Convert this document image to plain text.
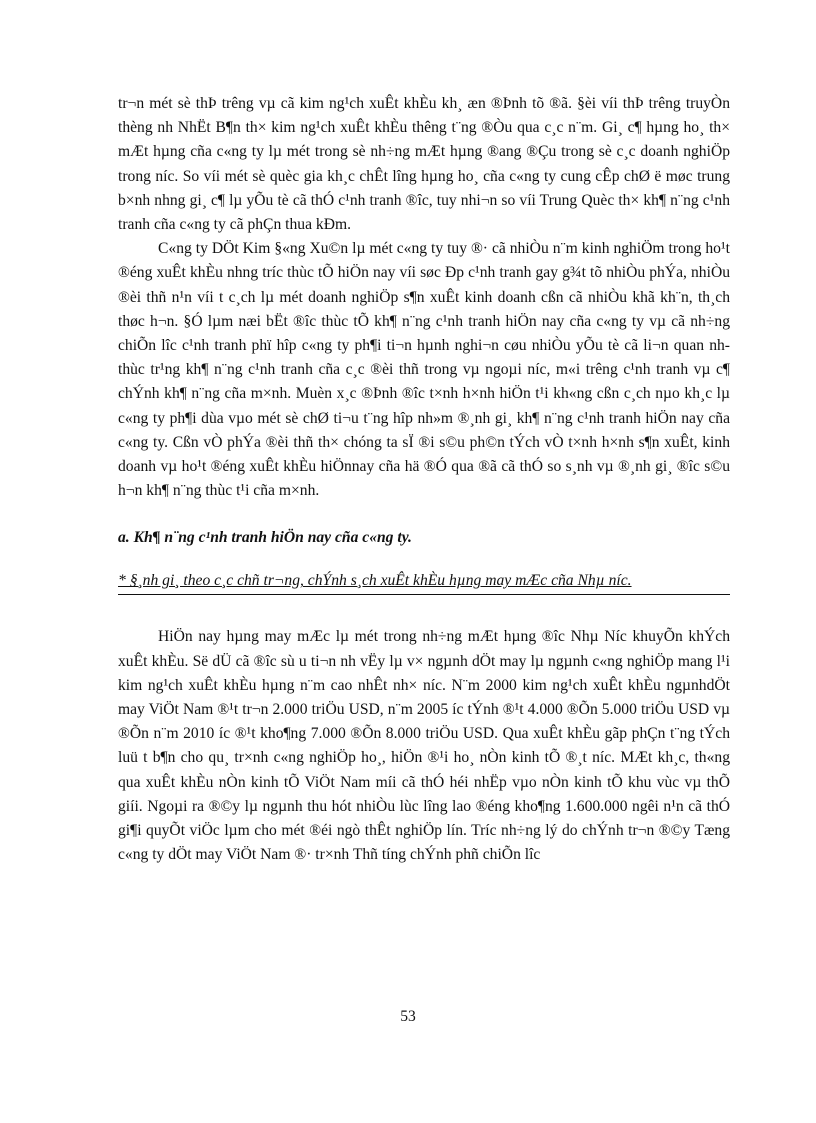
tr¬n mét sè thÞ trêng vµ cã kim ng¹ch xuÊt khÈu kh¸ æn ®Þnh tõ ®ã. §èi víi thÞ trêng truyÒn thèng nh NhËt B¶n th× kim ng¹ch xuÊt khÈu thêng t¨ng ®Òu qua c¸c n¨m. Gi¸ c¶ hµng ho¸ th× mÆt hµng cña c«ng ty lµ mét trong sè nh÷ng mÆt hµng ®ang ®Çu trong sè c¸c doanh nghiÖp trong níc. So víi mét sè quèc gia kh¸c chÊt lîng hµng ho¸ cña c«ng ty cung cÊp chØ ë møc trung b×nh nhng gi¸ c¶ lµ yÕu tè cã thÓ c¹nh tranh ®îc, tuy nhi¬n so víi Trung Quèc th× kh¶ n¨ng c¹nh tranh cña c«ng ty cã phÇn thua kÐm.

C«ng ty DÖt Kim §«ng Xu©n lµ mét c«ng ty tuy ®· cã nhiÒu n¨m kinh nghiÖm trong ho¹t ®éng xuÊt khÈu nhng tríc thùc tÕ hiÖn nay víi søc Ðp c¹nh tranh gay g¾t tõ nhiÒu phÝa, nhiÒu ®èi thñ n¹n víi t c¸ch lµ mét doanh nghiÖp s¶n xuÊt kinh doanh cßn cã nhiÒu khã kh¨n, th¸ch thøc h¬n. §Ó lµm næi bËt ®îc thùc tÕ kh¶ n¨ng c¹nh tranh hiÖn nay cña c«ng ty vµ cã nh÷ng chiÕn lîc c¹nh tranh phï hîp c«ng ty ph¶i ti¬n hµnh nghi¬n cøu nhiÒu yÕu tè cã li¬n quan nh thùc tr¹ng kh¶ n¨ng c¹nh tranh cña c¸c ®èi thñ trong vµ ngoµi níc, m«i trêng c¹nh tranh vµ c¶ chÝnh kh¶ n¨ng cña m×nh. Muèn x¸c ®Þnh ®îc t×nh h×nh hiÖn t¹i kh«ng cßn c¸ch nµo kh¸c lµ c«ng ty ph¶i dùa vµo mét sè chØ ti¬u t¨ng hîp nh»m ®¸nh gi¸ kh¶ n¨ng c¹nh tranh hiÖn nay cña c«ng ty. Cßn vÒ phÝa ®èi thñ th× chóng ta sÏ ®i s©u ph©n tÝch vÒ t×nh h×nh s¶n xuÊt, kinh doanh vµ ho¹t ®éng xuÊt khÈu hiÖnnay cña hä ®Ó qua ®ã cã thÓ so s¸nh vµ ®¸nh gi¸ ®îc s©u h¬n kh¶ n¨ng thùc t¹i cña m×nh.

a. Kh¶ n¨ng c¹nh tranh hiÖn nay cña c«ng ty.

* §¸nh gi¸ theo c¸c chñ tr¬ng, chÝnh s¸ch xuÊt khÈu hµng may mÆc cña Nhµ níc.

HiÖn nay hµng may mÆc lµ mét trong nh÷ng mÆt hµng ®îc Nhµ Níc khuyÕn khÝch xuÊt khÈu. Së dÜ cã ®îc sù u ti¬n nh vËy lµ v× ngµnh dÖt may lµ ngµnh c«ng nghiÖp mang l¹i kim ng¹ch xuÊt khÈu hµng n¨m cao nhÊt nh× níc. N¨m 2000 kim ng¹ch xuÊt khÈu ngµnhdÖt may ViÖt Nam ®¹t tr¬n 2.000 triÖu USD, n¨m 2005 íc tÝnh ®¹t 4.000 ®Õn 5.000 triÖu USD vµ ®Õn n¨m 2010 íc ®¹t kho¶ng 7.000 ®Õn 8.000 triÖu USD. Qua xuÊt khÈu gãp phÇn t¨ng tÝch luü t b¶n cho qu¸ tr×nh c«ng nghiÖp ho¸, hiÖn ®¹i ho¸ nÒn kinh tÕ ®¸t níc. MÆt kh¸c, th«ng qua xuÊt khÈu nÒn kinh tÕ ViÖt Nam míi cã thÓ héi nhËp vµo nÒn kinh tÕ khu vùc vµ thÕ giíi. Ngoµi ra ®©y lµ ngµnh thu hót nhiÒu lùc lîng lao ®éng kho¶ng 1.600.000 ngêi n¹n cã thÓ gi¶i quyÕt viÖc lµm cho mét ®éi ngò thÊt nghiÖp lín. Tríc nh÷ng lý do chÝnh tr¬n ®©y Tæng c«ng ty dÖt may ViÖt Nam ®· tr×nh Thñ tíng chÝnh phñ chiÕn lîc

53
